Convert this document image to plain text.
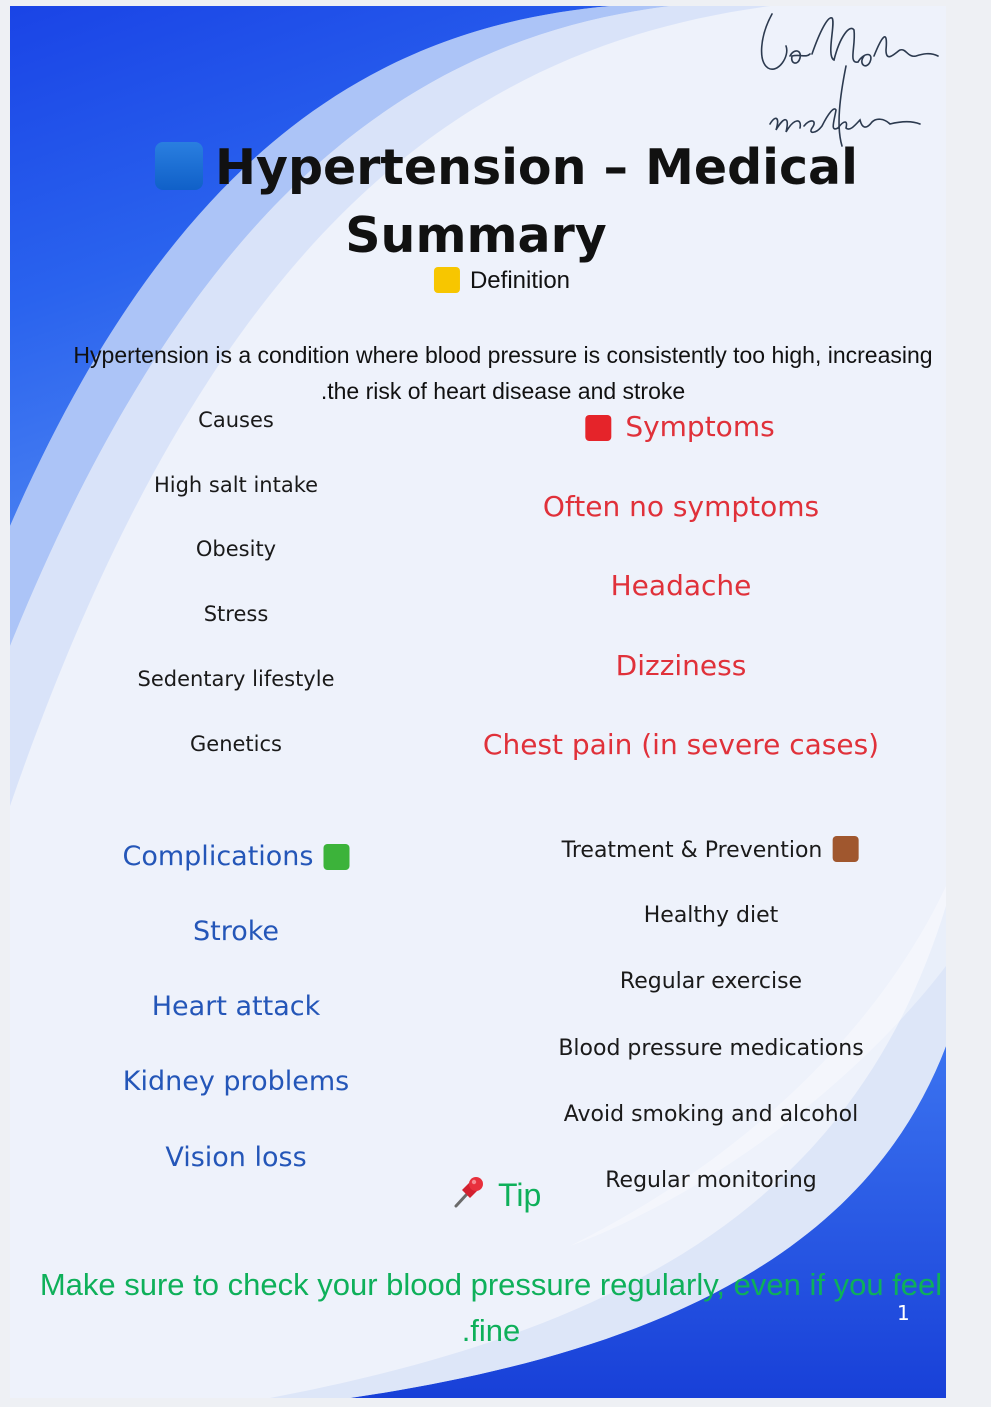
Hypertension – Medical
Summary
Definition
Hypertension is a condition where blood pressure is consistently too high, increasing
.the risk of heart disease and stroke
Causes
High salt intake
Obesity
Stress
Sedentary lifestyle
Genetics
Symptoms
Often no symptoms
Headache
Dizziness
Chest pain (in severe cases)
Complications
Stroke
Heart attack
Kidney problems
Vision loss
Treatment & Prevention
Healthy diet
Regular exercise
Blood pressure medications
Avoid smoking and alcohol
Regular monitoring
Tip
Make sure to check your blood pressure regularly, even if you feel
.fine	1
